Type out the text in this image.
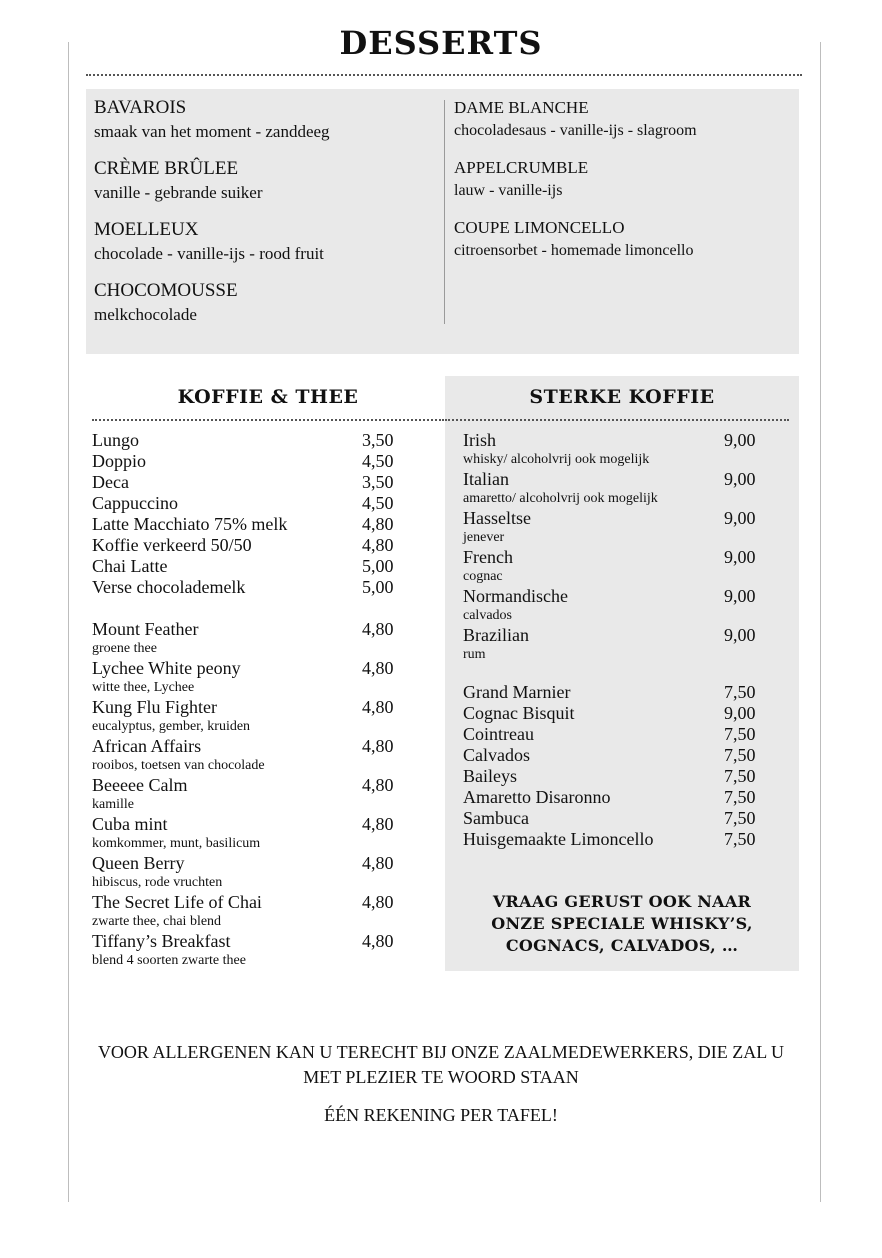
DESSERTS
BAVAROIS
smaak van het moment - zanddeeg
CRÈME BRÛLEE
vanille - gebrande suiker
MOELLEUX
chocolade - vanille-ijs - rood fruit
CHOCOMOUSSE
melkchocolade
DAME BLANCHE
chocoladesaus - vanille-ijs - slagroom
APPELCRUMBLE
lauw - vanille-ijs
COUPE LIMONCELLO
citroensorbet - homemade limoncello
KOFFIE & THEE
Lungo	3,50
Doppio	4,50
Deca	3,50
Cappuccino	4,50
Latte Macchiato 75% melk	4,80
Koffie verkeerd 50/50	4,80
Chai Latte	5,00
Verse chocolademelk	5,00
Mount Feather	4,80
groene thee
Lychee White peony	4,80
witte thee, Lychee
Kung Flu Fighter	4,80
eucalyptus, gember, kruiden
African Affairs	4,80
rooibos, toetsen van chocolade
Beeeee Calm	4,80
kamille
Cuba mint	4,80
komkommer, munt, basilicum
Queen Berry	4,80
hibiscus, rode vruchten
The Secret Life of Chai	4,80
zwarte thee, chai blend
Tiffany’s Breakfast	4,80
blend 4 soorten zwarte thee
STERKE KOFFIE
Irish	9,00
whisky/ alcoholvrij ook mogelijk
Italian	9,00
amaretto/ alcoholvrij ook mogelijk
Hasseltse	9,00
jenever
French	9,00
cognac
Normandische	9,00
calvados
Brazilian	9,00
rum
Grand Marnier	7,50
Cognac Bisquit	9,00
Cointreau	7,50
Calvados	7,50
Baileys	7,50
Amaretto Disaronno	7,50
Sambuca	7,50
Huisgemaakte Limoncello	7,50
VRAAG GERUST OOK NAAR
ONZE SPECIALE WHISKY’S,
COGNACS, CALVADOS, …
VOOR ALLERGENEN KAN U TERECHT BIJ ONZE ZAALMEDEWERKERS, DIE ZAL U MET PLEZIER TE WOORD STAAN
ÉÉN REKENING PER TAFEL!
